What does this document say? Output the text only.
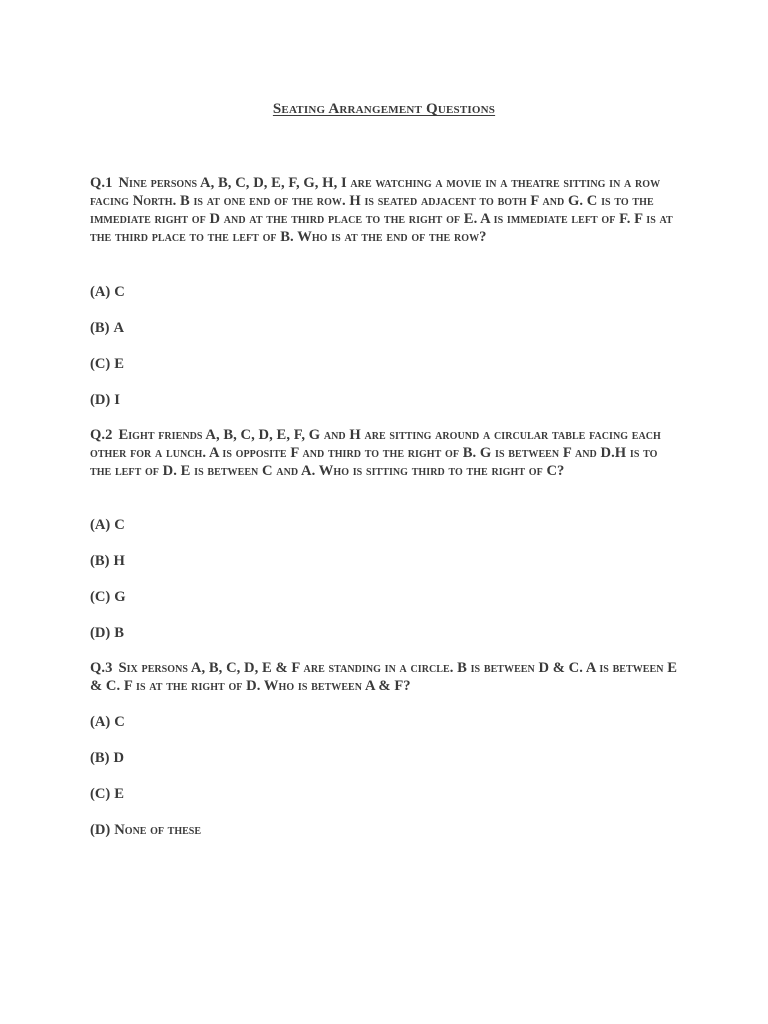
Seating Arrangement Questions
Q.1 Nine persons A, B, C, D, E, F, G, H, I are watching a movie in a theatre sitting in a row facing North. B is at one end of the row. H is seated adjacent to both F and G. C is to the immediate right of D and at the third place to the right of E. A is immediate left of F. F is at the third place to the left of B. Who is at the end of the row?
(A) C
(B) A
(C) E
(D) I
Q.2 Eight friends A, B, C, D, E, F, G and H are sitting around a circular table facing each other for a lunch. A is opposite F and third to the right of B. G is between F and D.H is to the left of D. E is between C and A. Who is sitting third to the right of C?
(A) C
(B) H
(C) G
(D) B
Q.3 Six persons A, B, C, D, E & F are standing in a circle. B is between D & C. A is between E & C. F is at the right of D. Who is between A & F?
(A) C
(B) D
(C) E
(D) None of these
